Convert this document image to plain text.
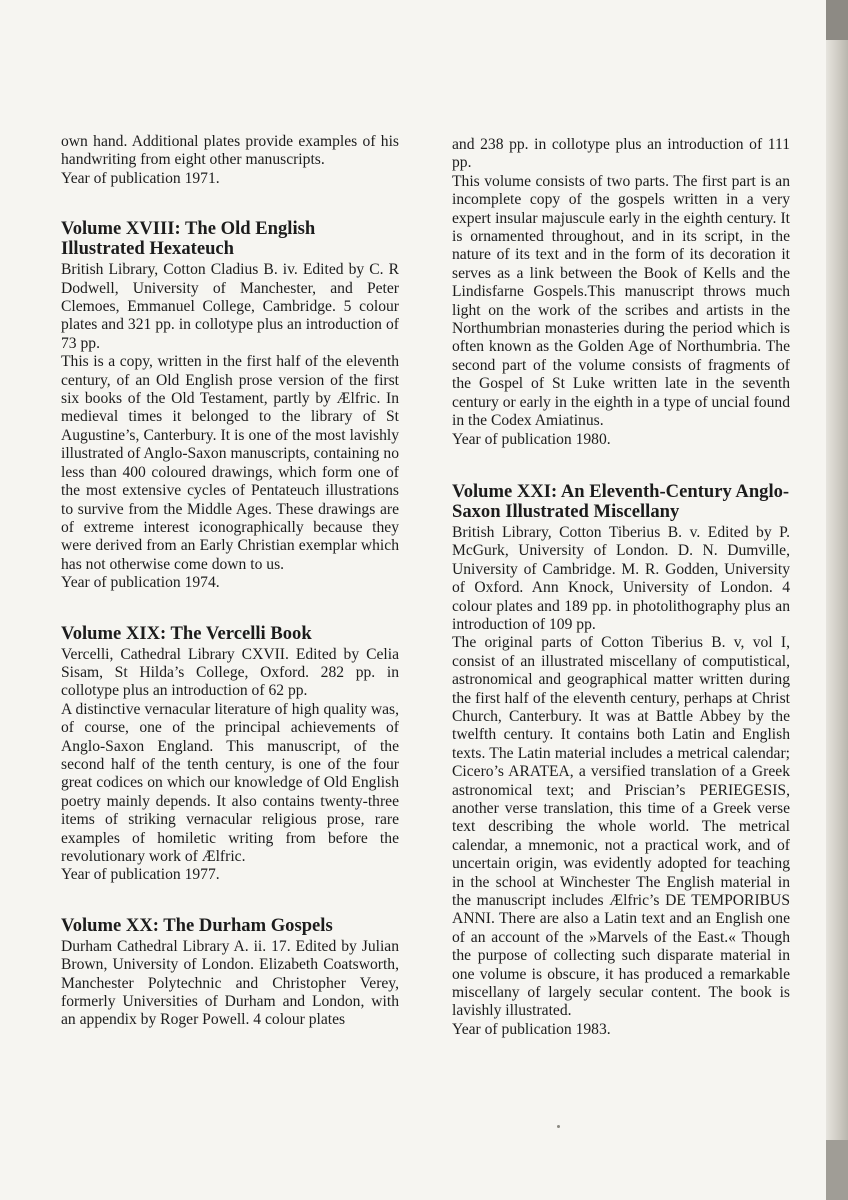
own hand. Additional plates provide examples of his handwriting from eight other manuscripts.

Year of publication 1971.

Volume XVIII: The Old English Illustrated Hexateuch

British Library, Cotton Cladius B. iv. Edited by C. R Dodwell, University of Manchester, and Peter Clemoes, Emmanuel College, Cambridge. 5 colour plates and 321 pp. in collotype plus an introduction of 73 pp.

This is a copy, written in the first half of the eleventh century, of an Old English prose version of the first six books of the Old Testament, partly by Ælfric. In medieval times it belonged to the library of St Augustine’s, Canterbury. It is one of the most lavishly illustrated of Anglo-Saxon manuscripts, containing no less than 400 coloured drawings, which form one of the most extensive cycles of Pentateuch illustrations to survive from the Middle Ages. These drawings are of extreme interest iconographically because they were derived from an Early Christian exemplar which has not otherwise come down to us.

Year of publication 1974.

Volume XIX: The Vercelli Book

Vercelli, Cathedral Library CXVII. Edited by Celia Sisam, St Hilda’s College, Oxford. 282 pp. in collotype plus an introduction of 62 pp.

A distinctive vernacular literature of high quality was, of course, one of the principal achievements of Anglo-Saxon England. This manuscript, of the second half of the tenth century, is one of the four great codices on which our knowledge of Old English poetry mainly depends. It also contains twenty-three items of striking vernacular religious prose, rare examples of homiletic writing from before the revolutionary work of Ælfric.

Year of publication 1977.

Volume XX: The Durham Gospels

Durham Cathedral Library A. ii. 17. Edited by Julian Brown, University of London. Elizabeth Coatsworth, Manchester Polytechnic and Christopher Verey, formerly Universities of Durham and London, with an appendix by Roger Powell. 4 colour plates

and 238 pp. in collotype plus an introduction of 111 pp.

This volume consists of two parts. The first part is an incomplete copy of the gospels written in a very expert insular majuscule early in the eighth century. It is ornamented throughout, and in its script, in the nature of its text and in the form of its decoration it serves as a link between the Book of Kells and the Lindisfarne Gospels.This manuscript throws much light on the work of the scribes and artists in the Northumbrian monasteries during the period which is often known as the Golden Age of Northumbria. The second part of the volume consists of fragments of the Gospel of St Luke written late in the seventh century or early in the eighth in a type of uncial found in the Codex Amiatinus.

Year of publication 1980.

Volume XXI: An Eleventh-Century Anglo-Saxon Illustrated Miscellany

British Library, Cotton Tiberius B. v. Edited by P. McGurk, University of London. D. N. Dumville, University of Cambridge. M. R. Godden, University of Oxford. Ann Knock, University of London. 4 colour plates and 189 pp. in photolithography plus an introduction of 109 pp.

The original parts of Cotton Tiberius B. v, vol I, consist of an illustrated miscellany of computistical, astronomical and geographical matter written during the first half of the eleventh century, perhaps at Christ Church, Canterbury. It was at Battle Abbey by the twelfth century. It contains both Latin and English texts. The Latin material includes a metrical calendar; Cicero’s ARATEA, a versified translation of a Greek astronomical text; and Priscian’s PERIEGESIS, another verse translation, this time of a Greek verse text describing the whole world. The metrical calendar, a mnemonic, not a practical work, and of uncertain origin, was evidently adopted for teaching in the school at Winchester The English material in the manuscript includes Ælfric’s DE TEMPORIBUS ANNI. There are also a Latin text and an English one of an account of the »Marvels of the East.« Though the purpose of collecting such disparate material in one volume is obscure, it has produced a remarkable miscellany of largely secular content. The book is lavishly illustrated.

Year of publication 1983.
